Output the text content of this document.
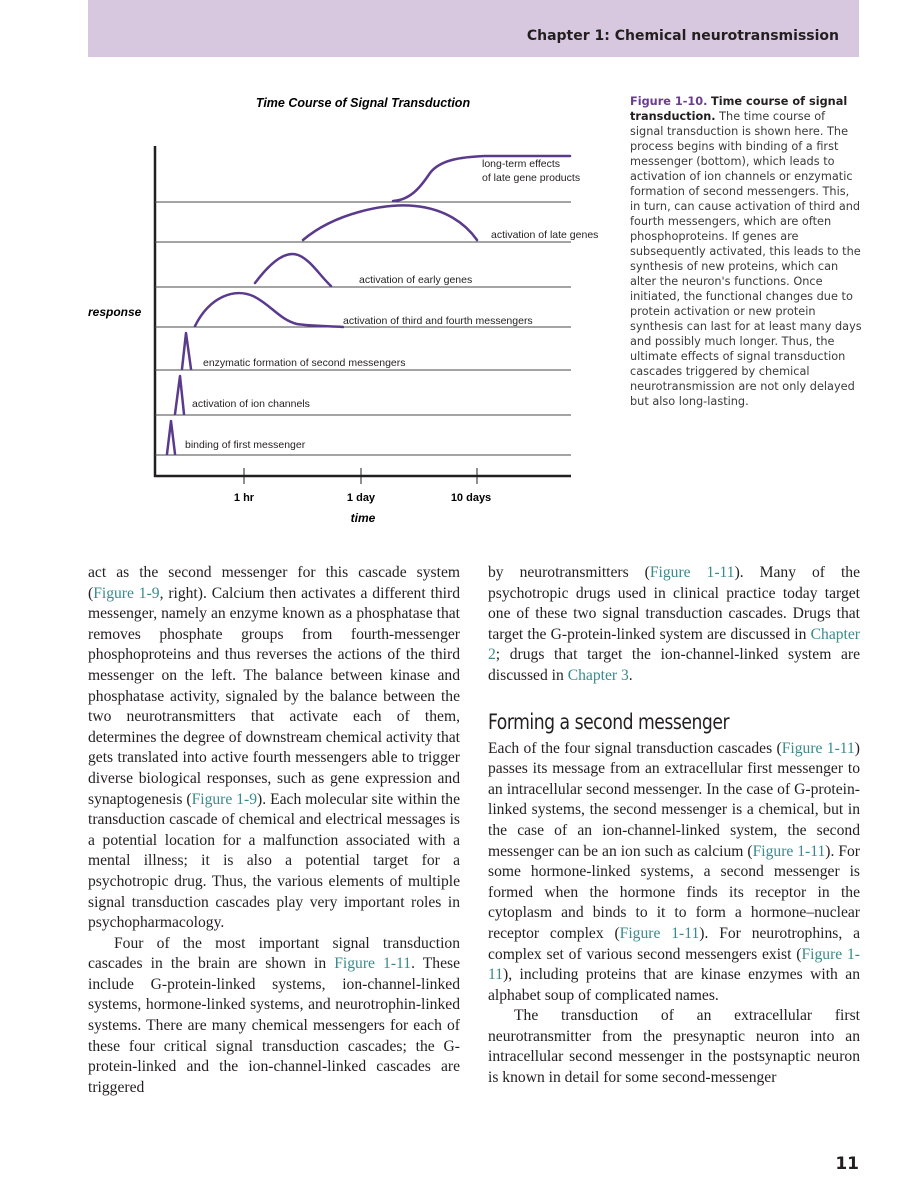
Chapter 1: Chemical neurotransmission
Time Course of Signal Transduction
1 hr	1 day	10 days
time
response
binding of first messenger
activation of ion channels
enzymatic formation of second messengers
activation of third and fourth messengers
activation of early genes
activation of late genes
long-term effects
of late gene products
Figure 1-10. Time course of signal transduction. The time course of signal transduction is shown here. The process begins with binding of a first messenger (bottom), which leads to activation of ion channels or enzymatic formation of second messengers. This, in turn, can cause activation of third and fourth messengers, which are often phosphoproteins. If genes are subsequently activated, this leads to the synthesis of new proteins, which can alter the neuron's functions. Once initiated, the functional changes due to protein activation or new protein synthesis can last for at least many days and possibly much longer. Thus, the ultimate effects of signal transduction cascades triggered by chemical neurotransmission are not only delayed but also long-lasting.

act as the second messenger for this cascade system (Figure 1-9, right). Calcium then activates a different third messenger, namely an enzyme known as a phosphatase that removes phosphate groups from fourth-messenger phosphoproteins and thus reverses the actions of the third messenger on the left. The balance between kinase and phosphatase activity, signaled by the balance between the two neurotransmitters that activate each of them, determines the degree of downstream chemical activity that gets translated into active fourth messengers able to trigger diverse biological responses, such as gene expression and synaptogenesis (Figure 1-9). Each molecular site within the transduction cascade of chemical and electrical messages is a potential location for a malfunction associated with a mental illness; it is also a potential target for a psychotropic drug. Thus, the various elements of multiple signal transduction cascades play very important roles in psychopharmacology.

Four of the most important signal transduction cascades in the brain are shown in Figure 1-11. These include G-protein-linked systems, ion-channel-linked systems, hormone-linked systems, and neurotrophin-linked systems. There are many chemical messengers for each of these four critical signal transduction cascades; the G-protein-linked and the ion-channel-linked cascades are triggered

by neurotransmitters (Figure 1-11). Many of the psychotropic drugs used in clinical practice today target one of these two signal transduction cascades. Drugs that target the G-protein-linked system are discussed in Chapter 2; drugs that target the ion-channel-linked system are discussed in Chapter 3.

Forming a second messenger

Each of the four signal transduction cascades (Figure 1-11) passes its message from an extracellular first messenger to an intracellular second messenger. In the case of G-protein-linked systems, the second messenger is a chemical, but in the case of an ion-channel-linked system, the second messenger can be an ion such as calcium (Figure 1-11). For some hormone-linked systems, a second messenger is formed when the hormone finds its receptor in the cytoplasm and binds to it to form a hormone–nuclear receptor complex (Figure 1-11). For neurotrophins, a complex set of various second messengers exist (Figure 1-11), including proteins that are kinase enzymes with an alphabet soup of complicated names.

The transduction of an extracellular first neurotransmitter from the presynaptic neuron into an intracellular second messenger in the postsynaptic neuron is known in detail for some second-messenger

11
